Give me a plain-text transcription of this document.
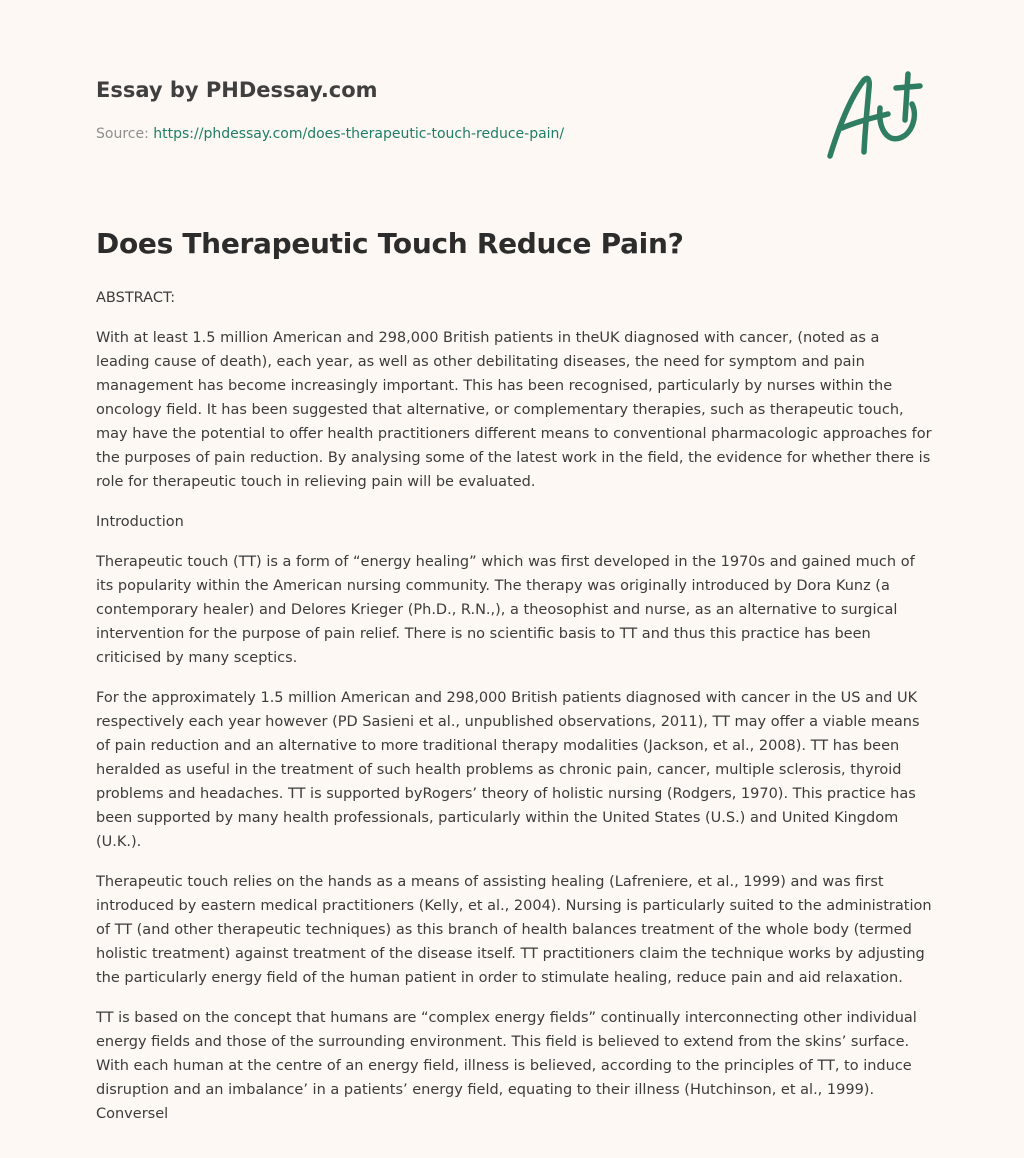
Essay by PHDessay.com
Source: https://phdessay.com/does-therapeutic-touch-reduce-pain/
Does Therapeutic Touch Reduce Pain?

ABSTRACT:

With at least 1.5 million American and 298,000 British patients in theUK diagnosed with cancer, (noted as a leading cause of death), each year, as well as other debilitating diseases, the need for symptom and pain management has become increasingly important. This has been recognised, particularly by nurses within the oncology field. It has been suggested that alternative, or complementary therapies, such as therapeutic touch, may have the potential to offer health practitioners different means to conventional pharmacologic approaches for the purposes of pain reduction. By analysing some of the latest work in the field, the evidence for whether there is role for therapeutic touch in relieving pain will be evaluated.

Introduction

Therapeutic touch (TT) is a form of “energy healing” which was first developed in the 1970s and gained much of its popularity within the American nursing community. The therapy was originally introduced by Dora Kunz (a contemporary healer) and Delores Krieger (Ph.D., R.N.,), a theosophist and nurse, as an alternative to surgical intervention for the purpose of pain relief. There is no scientific basis to TT and thus this practice has been criticised by many sceptics.

For the approximately 1.5 million American and 298,000 British patients diagnosed with cancer in the US and UK respectively each year however (PD Sasieni et al., unpublished observations, 2011), TT may offer a viable means of pain reduction and an alternative to more traditional therapy modalities (Jackson, et al., 2008). TT has been heralded as useful in the treatment of such health problems as chronic pain, cancer, multiple sclerosis, thyroid problems and headaches. TT is supported byRogers’ theory of holistic nursing (Rodgers, 1970). This practice has been supported by many health professionals, particularly within the United States (U.S.) and United Kingdom (U.K.).

Therapeutic touch relies on the hands as a means of assisting healing (Lafreniere, et al., 1999) and was first introduced by eastern medical practitioners (Kelly, et al., 2004). Nursing is particularly suited to the administration of TT (and other therapeutic techniques) as this branch of health balances treatment of the whole body (termed holistic treatment) against treatment of the disease itself. TT practitioners claim the technique works by adjusting the particularly energy field of the human patient in order to stimulate healing, reduce pain and aid relaxation.

TT is based on the concept that humans are “complex energy fields” continually interconnecting other individual energy fields and those of the surrounding environment. This field is believed to extend from the skins’ surface. With each human at the centre of an energy field, illness is believed, according to the principles of TT, to induce disruption and an imbalance’ in a patients’ energy field, equating to their illness (Hutchinson, et al., 1999). Conversel
